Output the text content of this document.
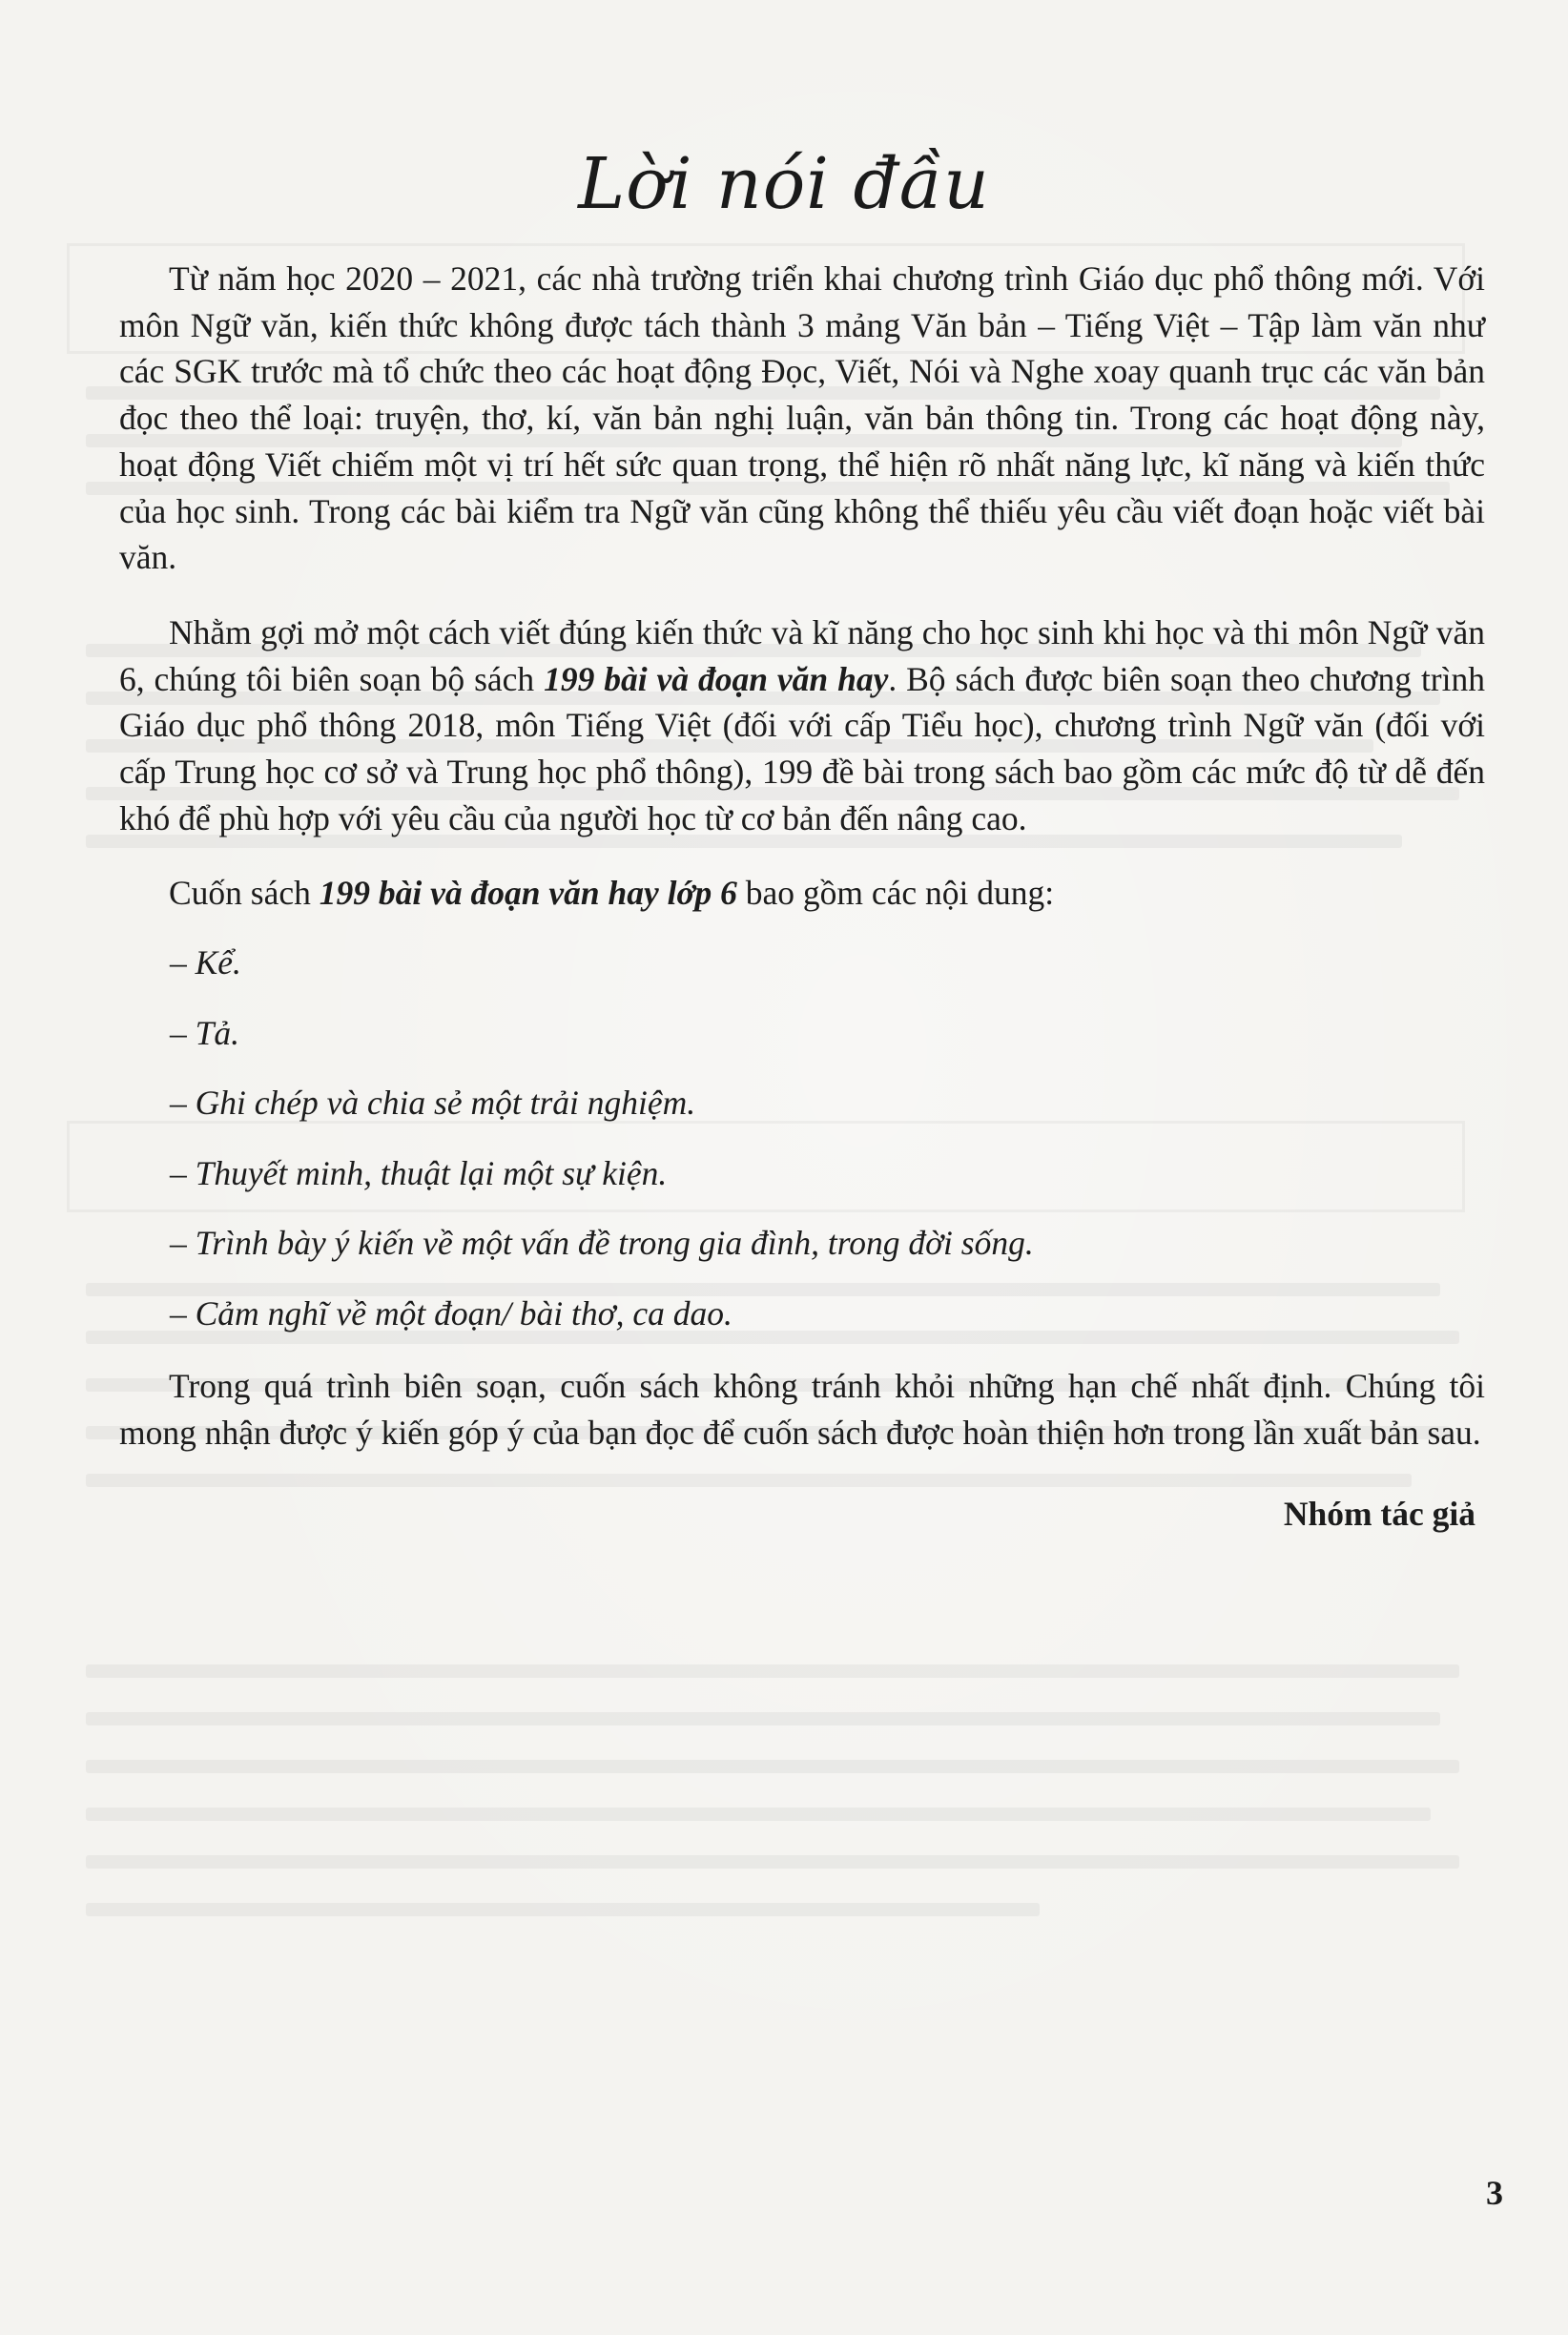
Lời nói đầu

Từ năm học 2020 – 2021, các nhà trường triển khai chương trình Giáo dục phổ thông mới. Với môn Ngữ văn, kiến thức không được tách thành 3 mảng Văn bản – Tiếng Việt – Tập làm văn như các SGK trước mà tổ chức theo các hoạt động Đọc, Viết, Nói và Nghe xoay quanh trục các văn bản đọc theo thể loại: truyện, thơ, kí, văn bản nghị luận, văn bản thông tin. Trong các hoạt động này, hoạt động Viết chiếm một vị trí hết sức quan trọng, thể hiện rõ nhất năng lực, kĩ năng và kiến thức của học sinh. Trong các bài kiểm tra Ngữ văn cũng không thể thiếu yêu cầu viết đoạn hoặc viết bài văn.

Nhằm gợi mở một cách viết đúng kiến thức và kĩ năng cho học sinh khi học và thi môn Ngữ văn 6, chúng tôi biên soạn bộ sách 199 bài và đoạn văn hay. Bộ sách được biên soạn theo chương trình Giáo dục phổ thông 2018, môn Tiếng Việt (đối với cấp Tiểu học), chương trình Ngữ văn (đối với cấp Trung học cơ sở và Trung học phổ thông), 199 đề bài trong sách bao gồm các mức độ từ dễ đến khó để phù hợp với yêu cầu của người học từ cơ bản đến nâng cao.

Cuốn sách 199 bài và đoạn văn hay lớp 6 bao gồm các nội dung:

– Kể.
– Tả.
– Ghi chép và chia sẻ một trải nghiệm.
– Thuyết minh, thuật lại một sự kiện.
– Trình bày ý kiến về một vấn đề trong gia đình, trong đời sống.
– Cảm nghĩ về một đoạn/ bài thơ, ca dao.

Trong quá trình biên soạn, cuốn sách không tránh khỏi những hạn chế nhất định. Chúng tôi mong nhận được ý kiến góp ý của bạn đọc để cuốn sách được hoàn thiện hơn trong lần xuất bản sau.

Nhóm tác giả
3
